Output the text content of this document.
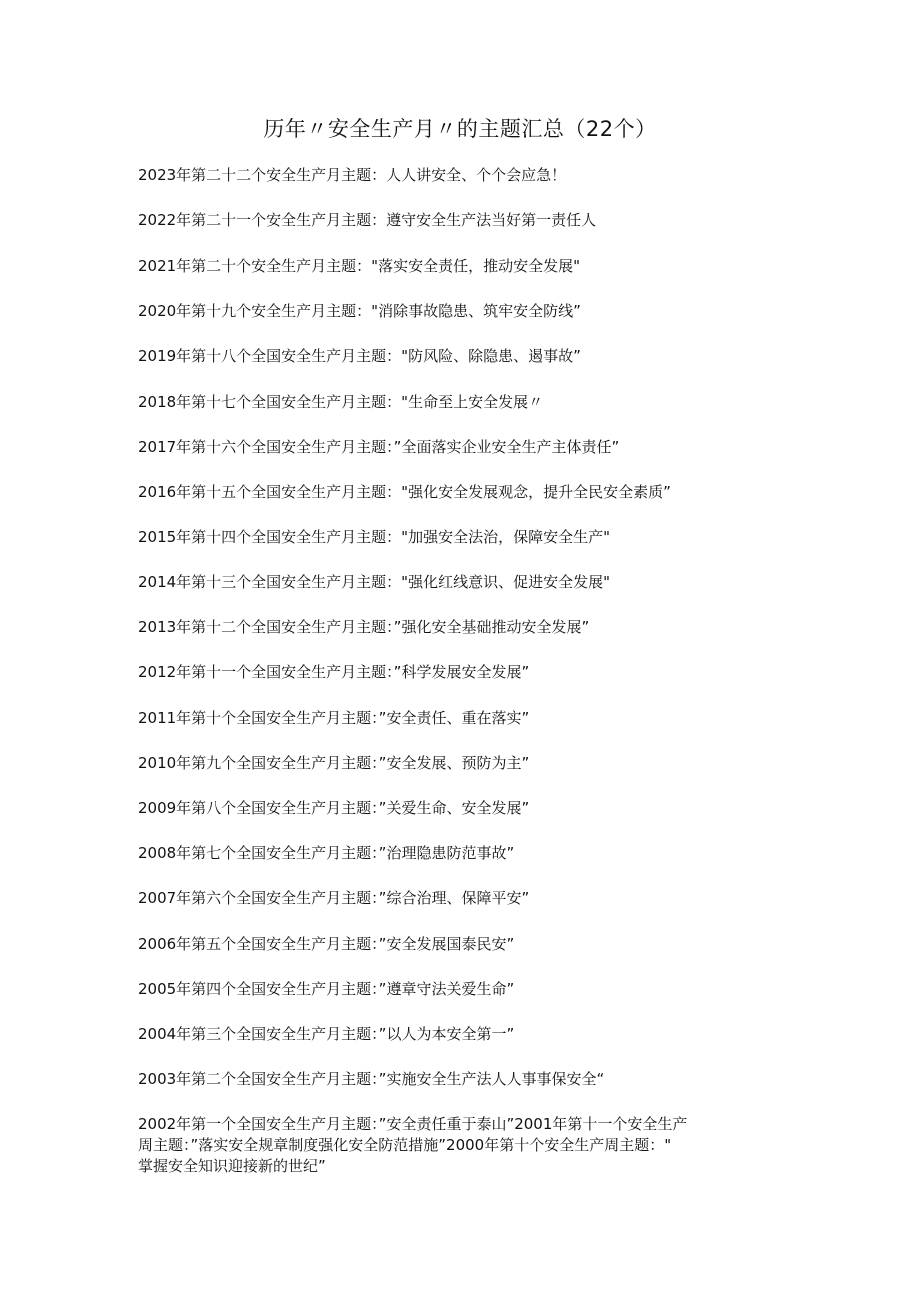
历年〃安全生产月〃的主题汇总（22个）
2023年第二十二个安全生产月主题：人人讲安全、个个会应急！
2022年第二十一个安全生产月主题：遵守安全生产法当好第一责任人
2021年第二十个安全生产月主题："落实安全责任，推动安全发展"
2020年第十九个安全生产月主题："消除事故隐患、筑牢安全防线”
2019年第十八个全国安全生产月主题："防风险、除隐患、遏事故”
2018年第十七个全国安全生产月主题："生命至上安全发展〃
2017年第十六个全国安全生产月主题：”全面落实企业安全生产主体责任”
2016年第十五个全国安全生产月主题："强化安全发展观念，提升全民安全素质”
2015年第十四个全国安全生产月主题："加强安全法治，保障安全生产"
2014年第十三个全国安全生产月主题："强化红线意识、促进安全发展"
2013年第十二个全国安全生产月主题：”强化安全基础推动安全发展”
2012年第十一个全国安全生产月主题：”科学发展安全发展”
2011年第十个全国安全生产月主题：”安全责任、重在落实”
2010年第九个全国安全生产月主题：”安全发展、预防为主”
2009年第八个全国安全生产月主题：”关爱生命、安全发展”
2008年第七个全国安全生产月主题：”治理隐患防范事故”
2007年第六个全国安全生产月主题：”综合治理、保障平安”
2006年第五个全国安全生产月主题：”安全发展国泰民安”
2005年第四个全国安全生产月主题：”遵章守法关爱生命”
2004年第三个全国安全生产月主题：”以人为本安全第一”
2003年第二个全国安全生产月主题：”实施安全生产法人人事事保安全“
2002年第一个全国安全生产月主题：”安全责任重于泰山”2001年第十一个安全生产
周主题：”落实安全规章制度强化安全防范措施”2000年第十个安全生产周主题："
掌握安全知识迎接新的世纪”
